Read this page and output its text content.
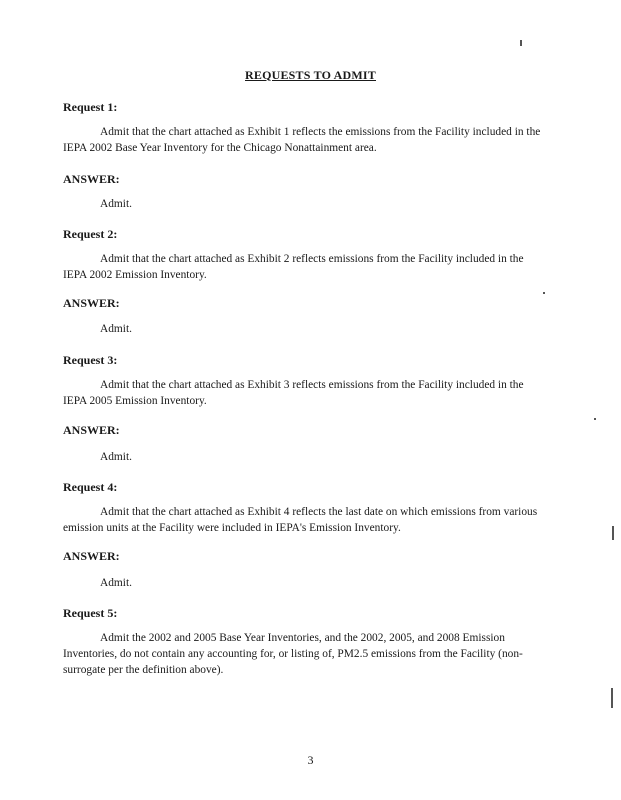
REQUESTS TO ADMIT
Request 1:
Admit that the chart attached as Exhibit 1 reflects the emissions from the Facility included in the IEPA 2002 Base Year Inventory for the Chicago Nonattainment area.
ANSWER:
Admit.
Request 2:
Admit that the chart attached as Exhibit 2 reflects emissions from the Facility included in the IEPA 2002 Emission Inventory.
ANSWER:
Admit.
Request 3:
Admit that the chart attached as Exhibit 3 reflects emissions from the Facility included in the IEPA 2005 Emission Inventory.
ANSWER:
Admit.
Request 4:
Admit that the chart attached as Exhibit 4 reflects the last date on which emissions from various emission units at the Facility were included in IEPA's Emission Inventory.
ANSWER:
Admit.
Request 5:
Admit the 2002 and 2005 Base Year Inventories, and the 2002, 2005, and 2008 Emission Inventories, do not contain any accounting for, or listing of, PM2.5 emissions from the Facility (non-surrogate per the definition above).
3
